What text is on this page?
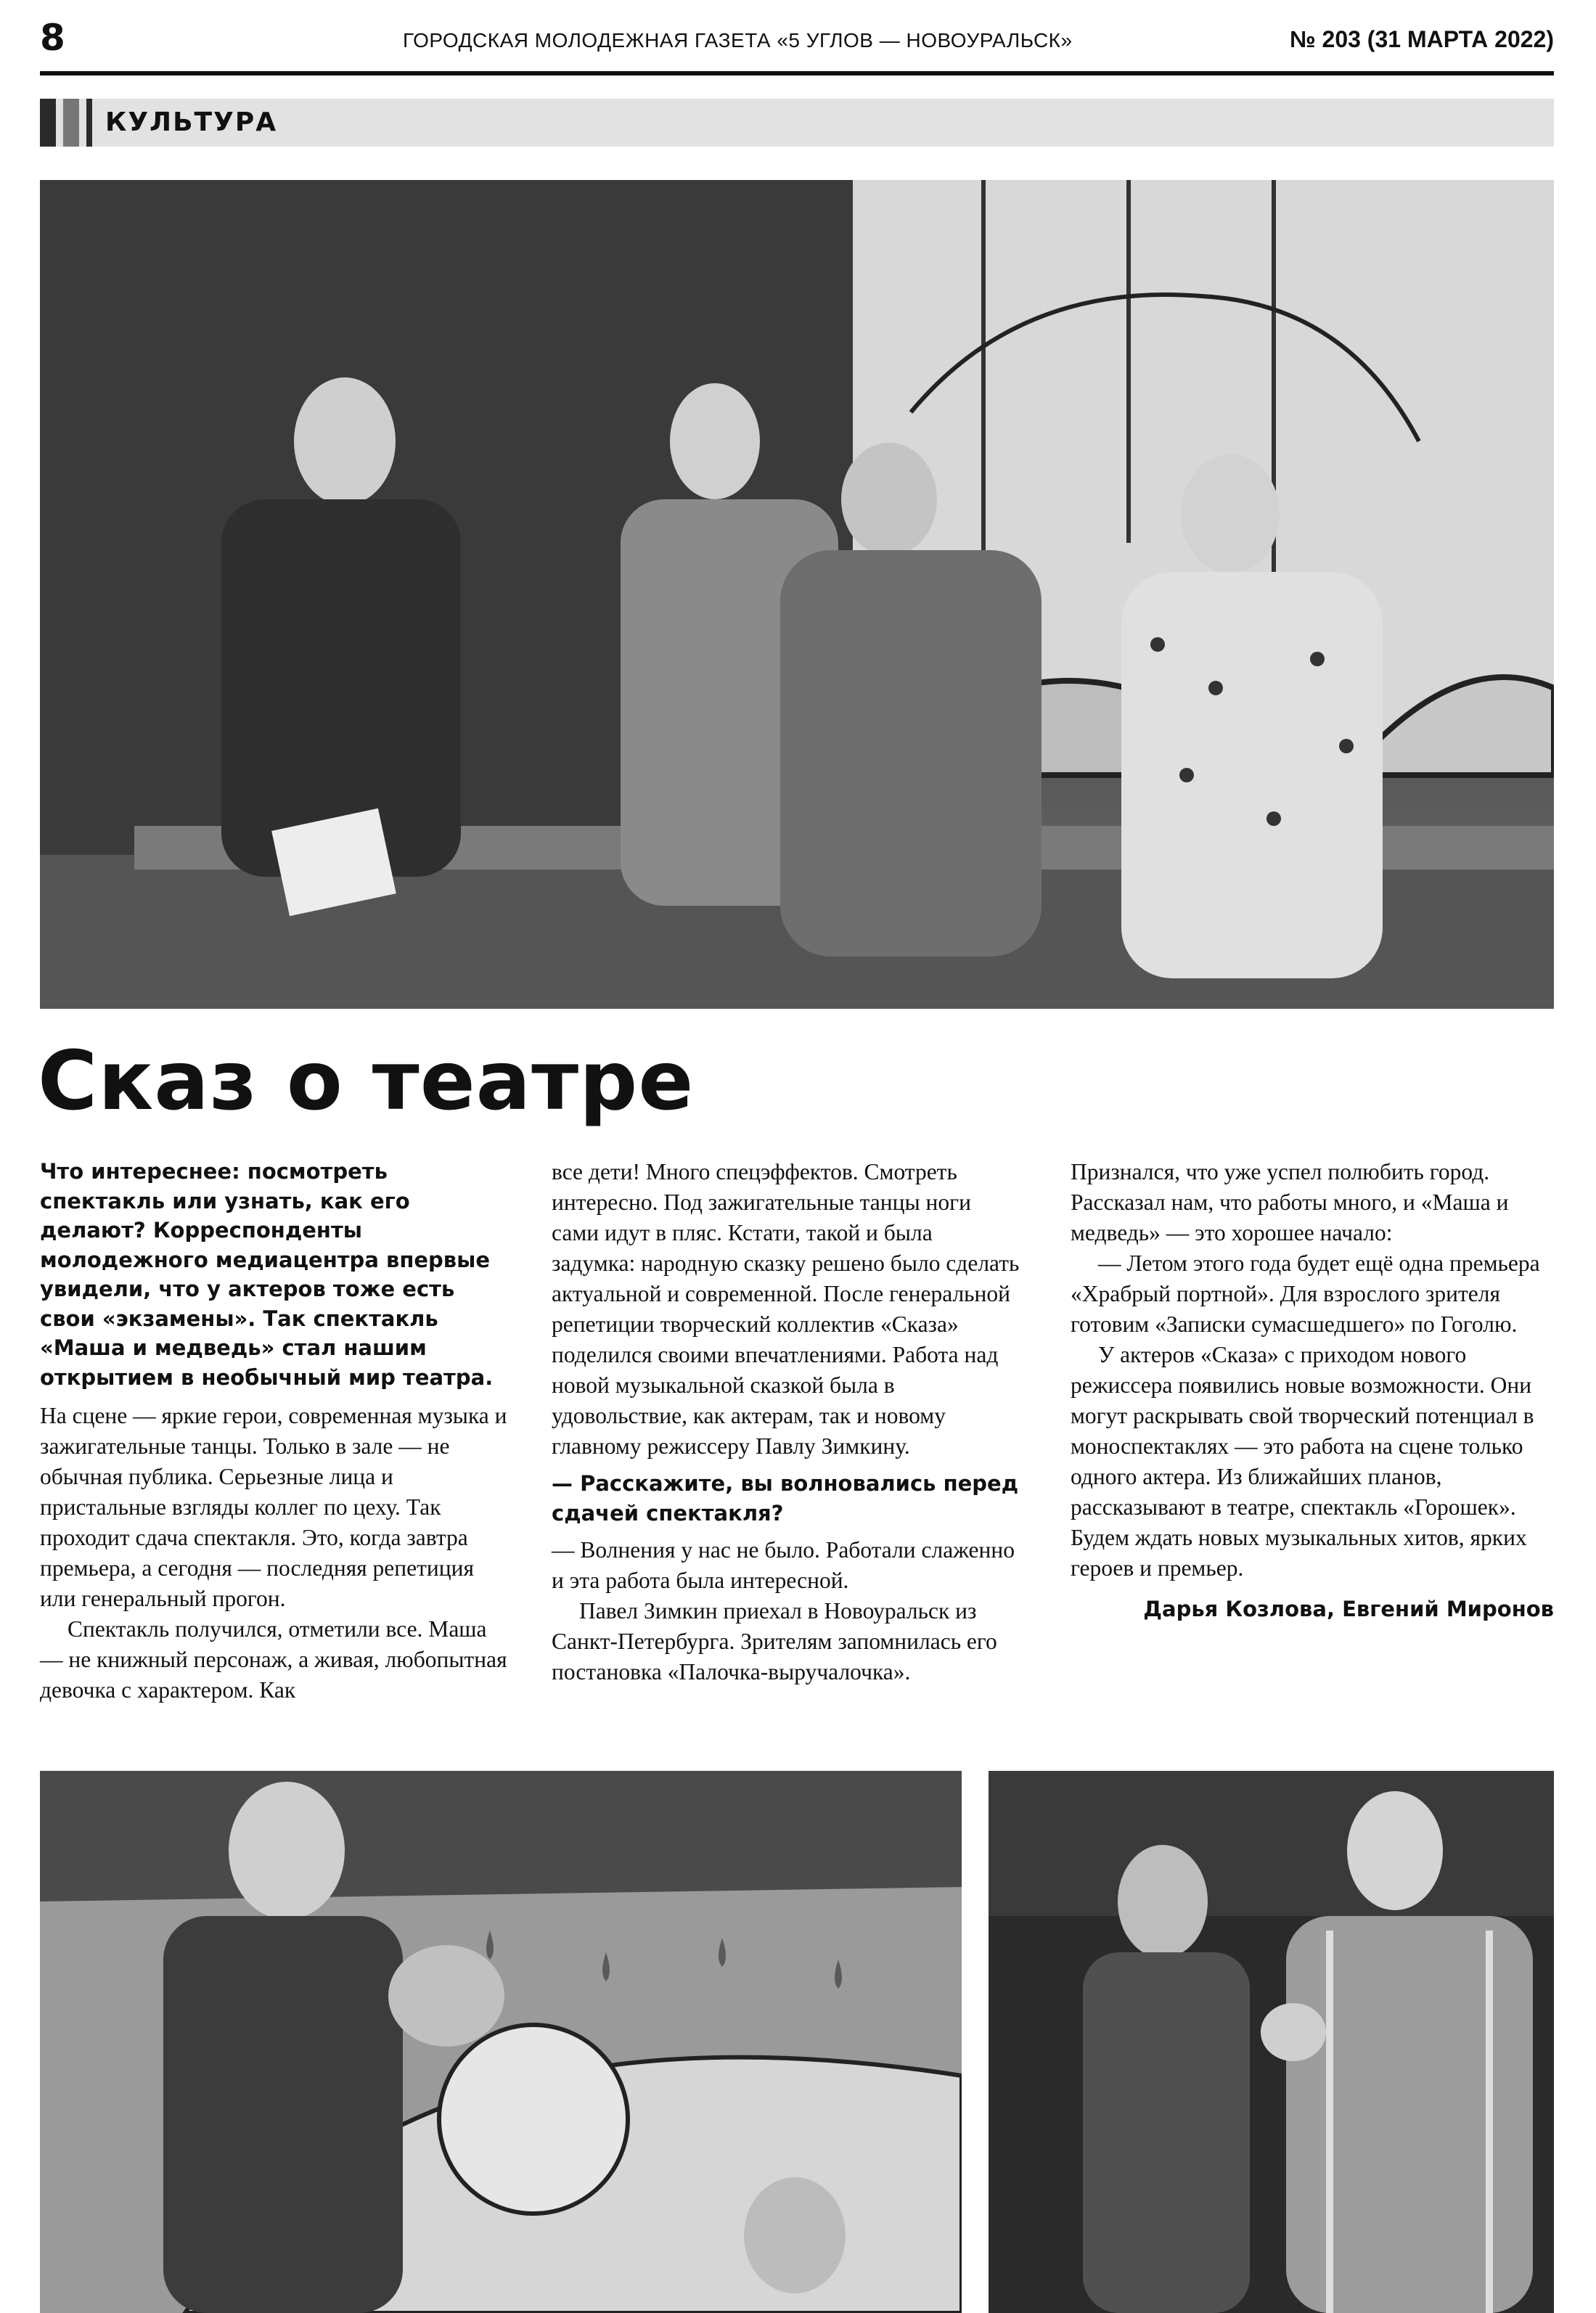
8	ГОРОДСКАЯ МОЛОДЕЖНАЯ ГАЗЕТА «5 УГЛОВ — НОВОУРАЛЬСК»	№ 203 (31 МАРТА 2022)
КУЛЬТУРА
Сказ о театре

Что интереснее: посмотреть спектакль или узнать, как его делают? Корреспонденты молодежного медиацентра впервые увидели, что у актеров тоже есть свои «экзамены». Так спектакль «Маша и медведь» стал нашим открытием в необычный мир театра.

На сцене — яркие герои, современная музыка и зажигательные танцы. Только в зале — не обычная публика. Серьезные лица и пристальные взгляды коллег по цеху. Так проходит сдача спектакля. Это, когда завтра премьера, а сегодня — последняя репетиция или генеральный прогон.

Спектакль получился, отметили все. Маша — не книжный персонаж, а живая, любопытная девочка с характером. Как

все дети! Много спецэффектов. Смотреть интересно. Под зажигательные танцы ноги сами идут в пляс. Кстати, такой и была задумка: народную сказку решено было сделать актуальной и современной. После генеральной репетиции творческий коллектив «Сказа» поделился своими впечатлениями. Работа над новой музыкальной сказкой была в удовольствие, как актерам, так и новому главному режиссеру Павлу Зимкину.

— Расскажите, вы волновались перед сдачей спектакля?

— Волнения у нас не было. Работали слаженно и эта работа была интересной.

Павел Зимкин приехал в Новоуральск из Санкт-Петербурга. Зрителям запомнилась его постановка «Палочка-выручалочка».

Признался, что уже успел полюбить город. Рассказал нам, что работы много, и «Маша и медведь» — это хорошее начало:

— Летом этого года будет ещё одна премьера «Храбрый портной». Для взрослого зрителя готовим «Записки сумасшедшего» по Гоголю.

У актеров «Сказа» с приходом нового режиссера появились новые возможности. Они могут раскрывать свой творческий потенциал в моноспектаклях — это работа на сцене только одного актера. Из ближайших планов, рассказывают в театре, спектакль «Горошек». Будем ждать новых музыкальных хитов, ярких героев и премьер.

Дарья Козлова, Евгений Миронов
